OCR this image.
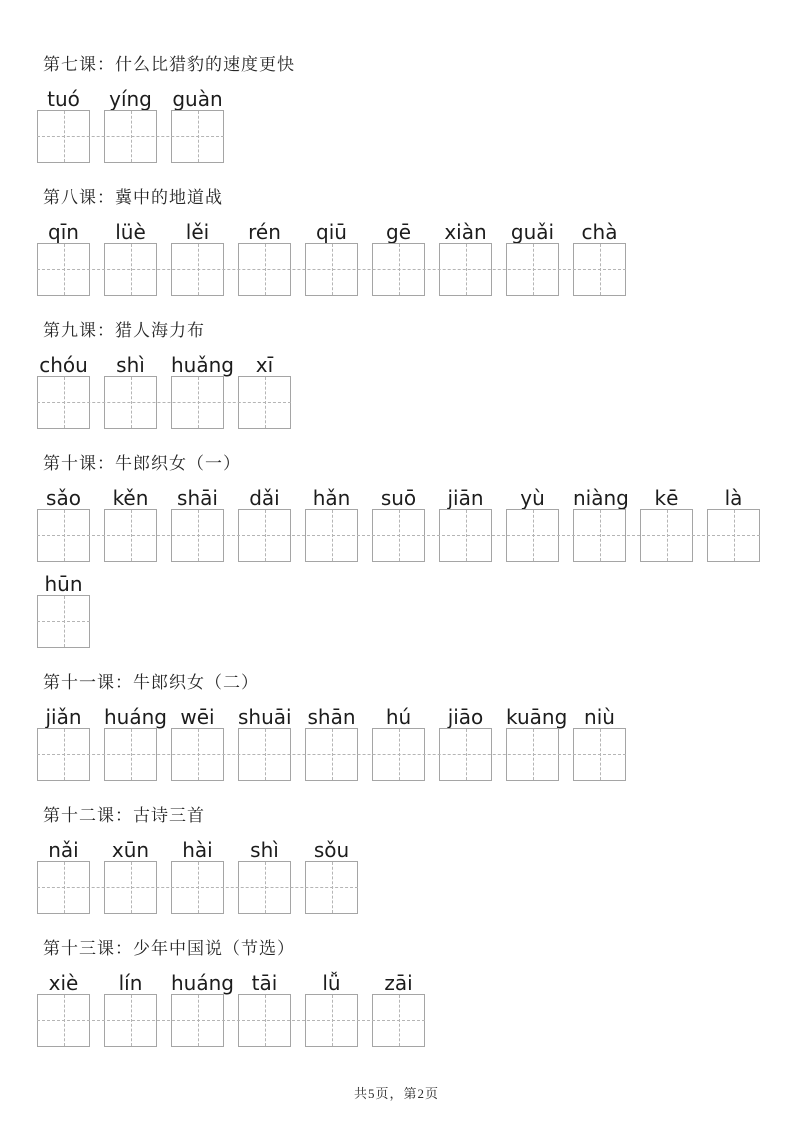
第七课：什么比猎豹的速度更快
tuó	yíng guàn
第八课：冀中的地道战
qīn	lüè	lěi	rén	qiū	gē	xiàn guǎi	chà
第九课：猎人海力布
chóu	shì	huǎng	xī
第十课：牛郎织女（一）
sǎo	kěn	shāi	dǎi	hǎn	suō	jiān	yù	niàng	kē	là
hūn
第十一课：牛郎织女（二）
jiǎn	huáng wēi	shuāi shān	hú	jiāo	kuāng niù
第十二课：古诗三首
nǎi	xūn	hài	shì	sǒu
第十三课：少年中国说（节选）
xiè	lín	huáng tāi	lǚ	zāi
共5页，第2页
